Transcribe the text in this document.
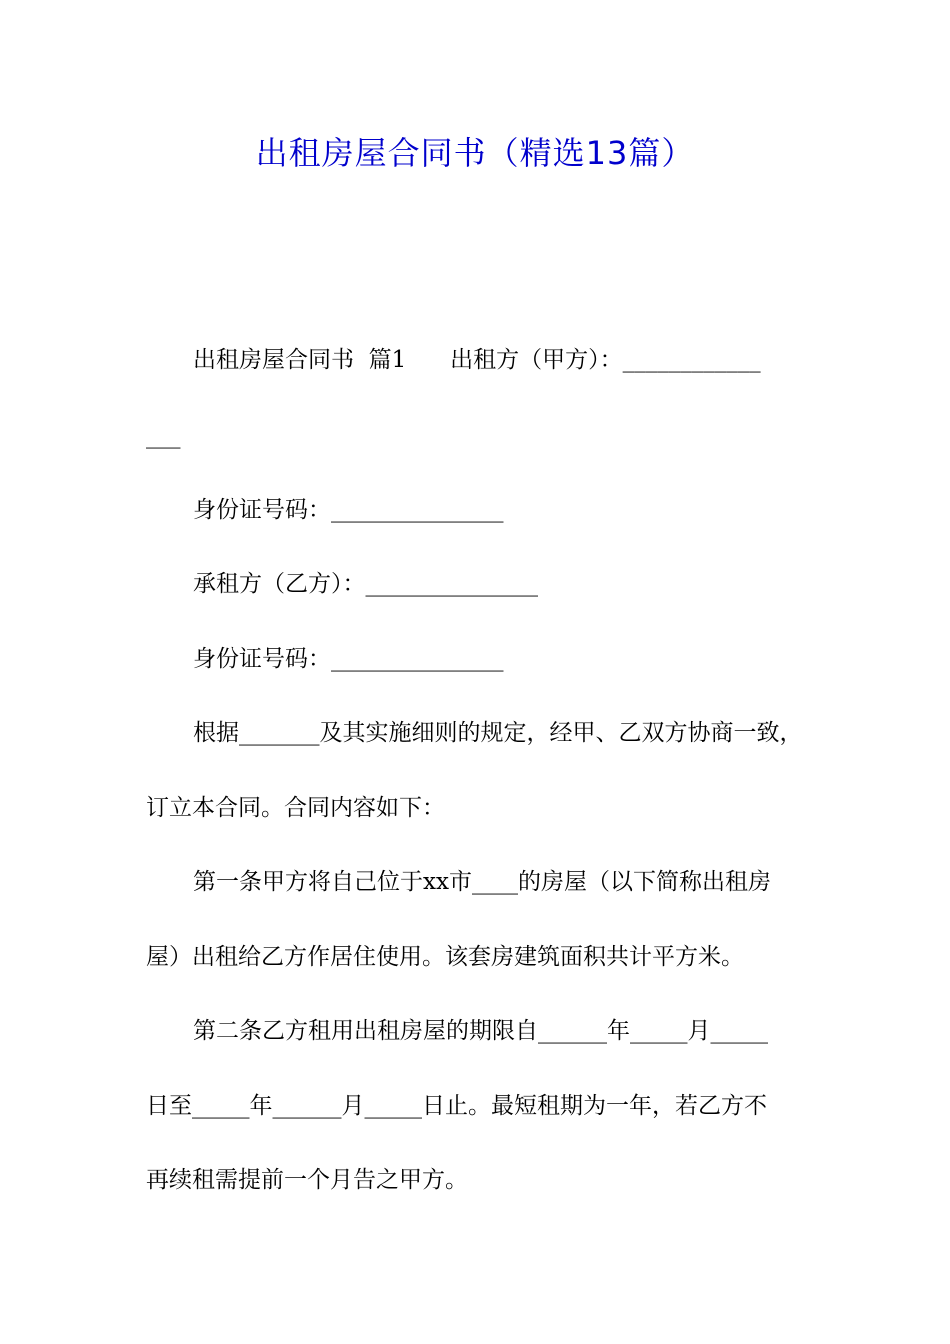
出租房屋合同书（精选13篇）
出租房屋合同书  篇1      出租方（甲方）：____________
___
身份证号码：_______________
承租方（乙方）：_______________
身份证号码：_______________
根据_______及其实施细则的规定，经甲、乙双方协商一致，
订立本合同。合同内容如下：
第一条甲方将自己位于xx市____的房屋（以下简称出租房
屋）出租给乙方作居住使用。该套房建筑面积共计平方米。
第二条乙方租用出租房屋的期限自______年_____月_____
日至_____年______月_____日止。最短租期为一年，若乙方不
再续租需提前一个月告之甲方。
